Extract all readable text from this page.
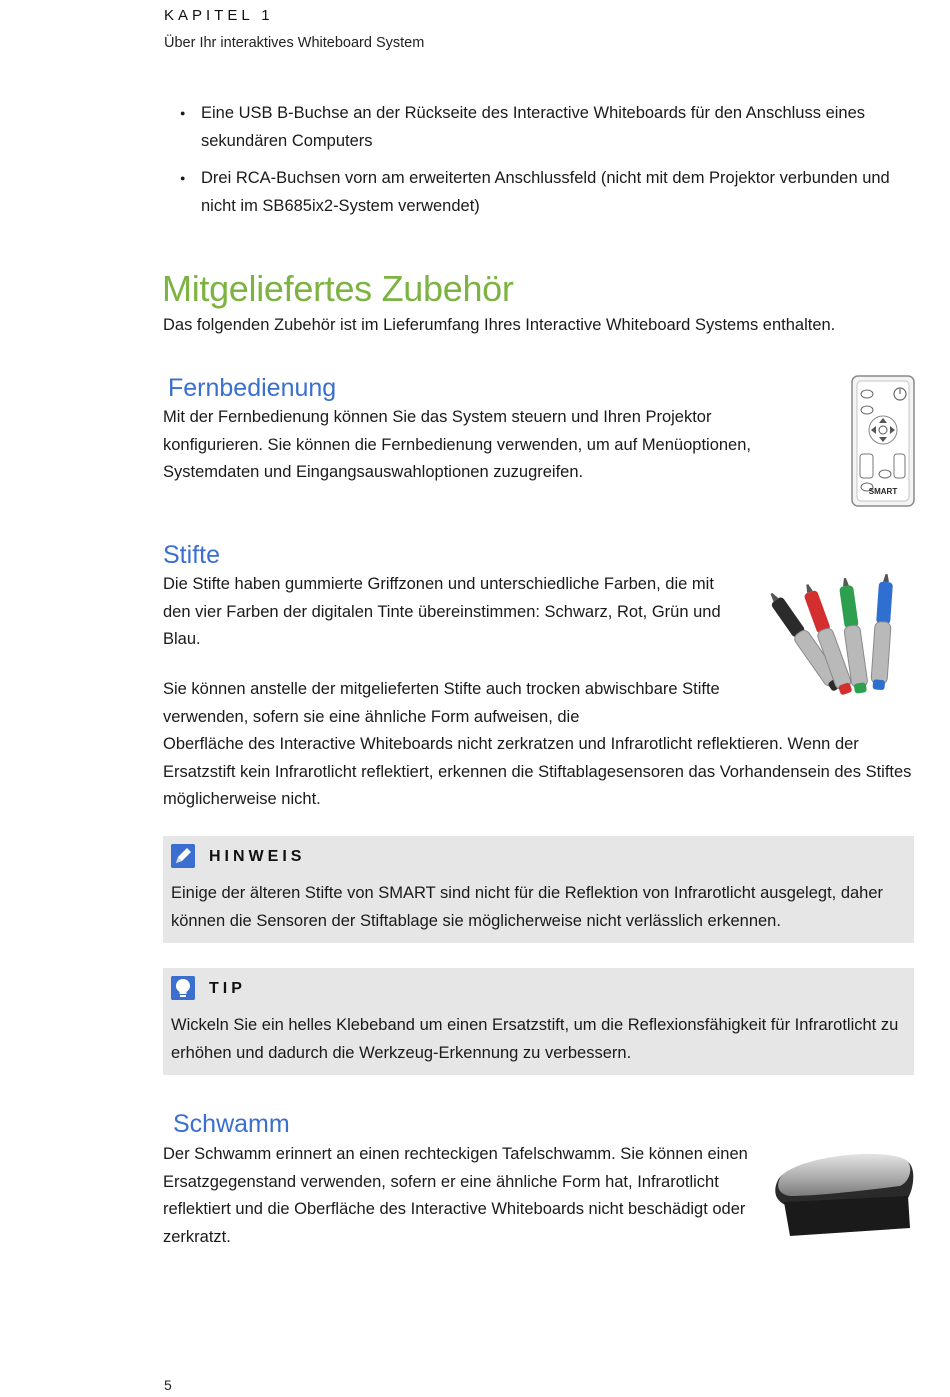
KAPITEL 1
Über Ihr interaktives Whiteboard System
● Eine USB B-Buchse an der Rückseite des Interactive Whiteboards für den Anschluss eines sekundären Computers
● Drei RCA-Buchsen vorn am erweiterten Anschlussfeld (nicht mit dem Projektor verbunden und nicht im SB685ix2-System verwendet)
Mitgeliefertes Zubehör
Das folgenden Zubehör ist im Lieferumfang Ihres Interactive Whiteboard Systems enthalten.
Fernbedienung
Mit der Fernbedienung können Sie das System steuern und Ihren Projektor konfigurieren. Sie können die Fernbedienung verwenden, um auf Menüoptionen, Systemdaten und Eingangsauswahloptionen zuzugreifen.
SMART
Stifte
Die Stifte haben gummierte Griffzonen und unterschiedliche Farben, die mit den vier Farben der digitalen Tinte übereinstimmen: Schwarz, Rot, Grün und Blau.
Sie können anstelle der mitgelieferten Stifte auch trocken abwischbare Stifte verwenden, sofern sie eine ähnliche Form aufweisen, die
Oberfläche des Interactive Whiteboards nicht zerkratzen und Infrarotlicht reflektieren. Wenn der Ersatzstift kein Infrarotlicht reflektiert, erkennen die Stiftablagesensoren das Vorhandensein des Stiftes möglicherweise nicht.
HINWEIS
Einige der älteren Stifte von SMART sind nicht für die Reflektion von Infrarotlicht ausgelegt, daher können die Sensoren der Stiftablage sie möglicherweise nicht verlässlich erkennen.
TIP
Wickeln Sie ein helles Klebeband um einen Ersatzstift, um die Reflexionsfähigkeit für Infrarotlicht zu erhöhen und dadurch die Werkzeug-Erkennung zu verbessern.
Schwamm
Der Schwamm erinnert an einen rechteckigen Tafelschwamm. Sie können einen Ersatzgegenstand verwenden, sofern er eine ähnliche Form hat, Infrarotlicht reflektiert und die Oberfläche des Interactive Whiteboards nicht beschädigt oder zerkratzt.
5
